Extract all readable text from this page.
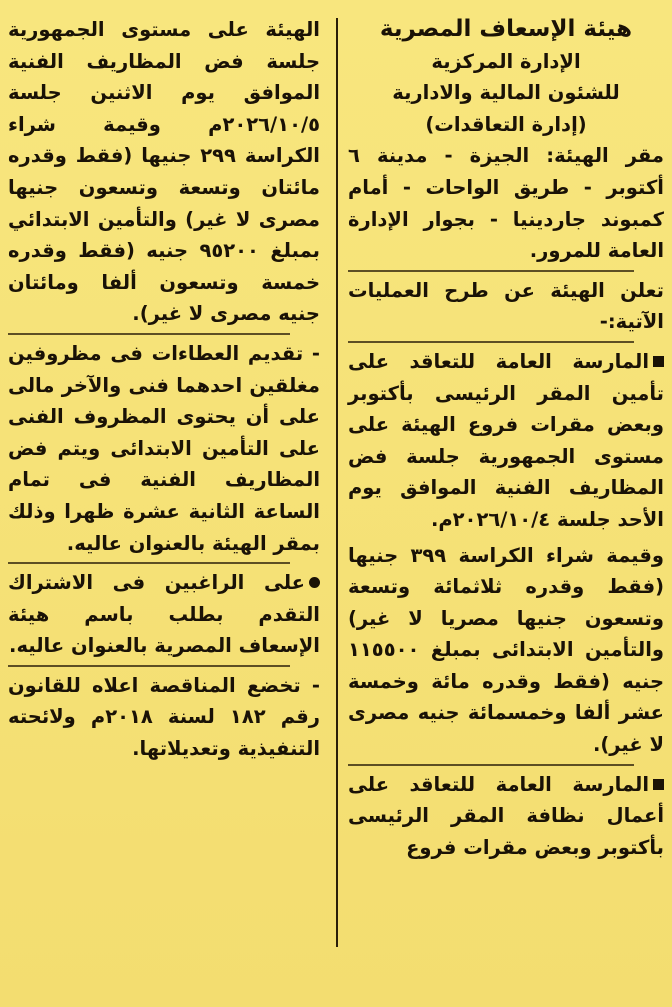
هيئة الإسعاف المصرية

الإدارة المركزية

للشئون المالية والادارية

(إدارة التعاقدات)

مقر الهيئة: الجيزة - مدينة ٦ أكتوبر - طريق الواحات - أمام كمبوند جاردينيا - بجوار الإدارة العامة للمرور.

تعلن الهيئة عن طرح العمليات الآتية:-

المارسة العامة للتعاقد على تأمين المقر الرئيسى بأكتوبر وبعض مقرات فروع الهيئة على مستوى الجمهورية جلسة فض المظاريف الفنية الموافق يوم الأحد جلسة ٢٠٢٦/١٠/٤م.

وقيمة شراء الكراسة ٣٩٩ جنيها (فقط وقدره ثلاثمائة وتسعة وتسعون جنيها مصريا لا غير) والتأمين الابتدائى بمبلغ ١١٥٥٠٠ جنيه (فقط وقدره مائة وخمسة عشر ألفا وخمسمائة جنيه مصرى لا غير).

المارسة العامة للتعاقد على أعمال نظافة المقر الرئيسى بأكتوبر وبعض مقرات فروع

الهيئة على مستوى الجمهورية جلسة فض المظاريف الفنية الموافق يوم الاثنين جلسة ٢٠٢٦/١٠/٥م وقيمة شراء الكراسة ٢٩٩ جنيها (فقط وقدره مائتان وتسعة وتسعون جنيها مصرى لا غير) والتأمين الابتدائي بمبلغ ٩٥٢٠٠ جنيه (فقط وقدره خمسة وتسعون ألفا ومائتان جنيه مصرى لا غير).

- تقديم العطاءات فى مظروفين مغلقين احدهما فنى والآخر مالى على أن يحتوى المظروف الفنى على التأمين الابتدائى ويتم فض المظاريف الفنية فى تمام الساعة الثانية عشرة ظهرا وذلك بمقر الهيئة بالعنوان عاليه.

على الراغبين فى الاشتراك التقدم بطلب باسم هيئة الإسعاف المصرية بالعنوان عاليه.

- تخضع المناقصة اعلاه للقانون رقم ١٨٢ لسنة ٢٠١٨م ولائحته التنفيذية وتعديلاتها.
